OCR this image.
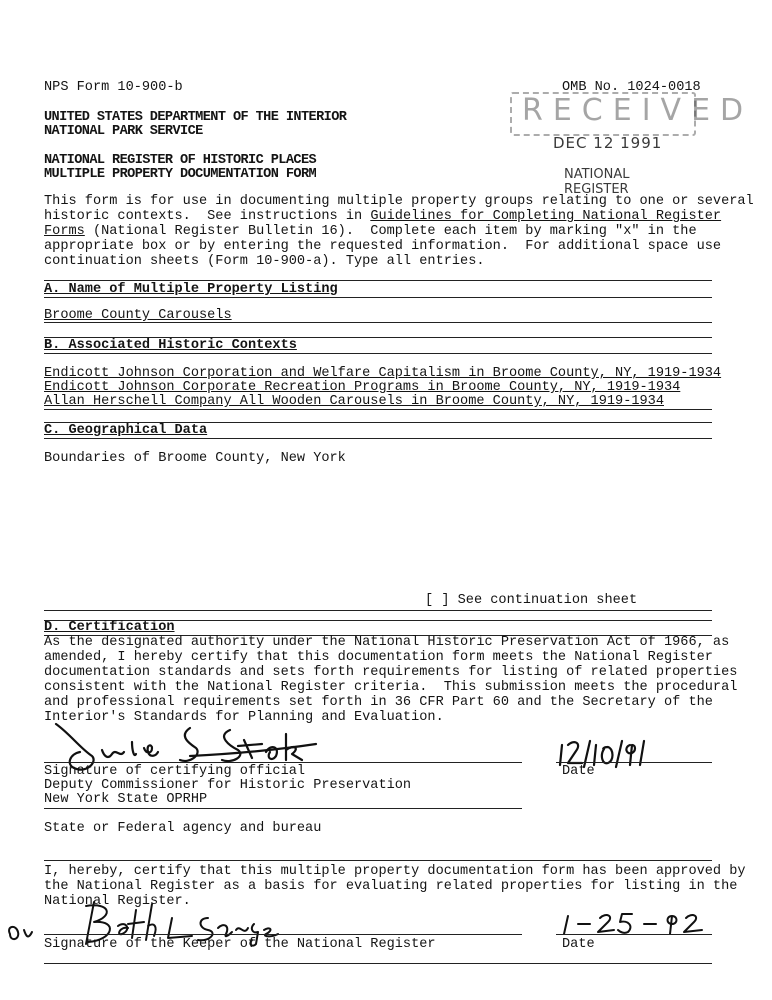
NPS Form 10-900-b	OMB No. 1024-0018
UNITED STATES DEPARTMENT OF THE INTERIOR
NATIONAL PARK SERVICE
NATIONAL REGISTER OF HISTORIC PLACES
MULTIPLE PROPERTY DOCUMENTATION FORM
RECEIVED
DEC 12 1991
NATIONAL
REGISTER
This form is for use in documenting multiple property groups relating to one or several
historic contexts.  See instructions in Guidelines for Completing National Register
Forms (National Register Bulletin 16).  Complete each item by marking "x" in the
appropriate box or by entering the requested information.  For additional space use
continuation sheets (Form 10-900-a). Type all entries.
A. Name of Multiple Property Listing
Broome County Carousels
B. Associated Historic Contexts
Endicott Johnson Corporation and Welfare Capitalism in Broome County, NY, 1919-1934
Endicott Johnson Corporate Recreation Programs in Broome County, NY, 1919-1934
Allan Herschell Company All Wooden Carousels in Broome County, NY, 1919-1934
C. Geographical Data
Boundaries of Broome County, New York
[ ] See continuation sheet
D. Certification
As the designated authority under the National Historic Preservation Act of 1966, as
amended, I hereby certify that this documentation form meets the National Register
documentation standards and sets forth requirements for listing of related properties
consistent with the National Register criteria.  This submission meets the procedural
and professional requirements set forth in 36 CFR Part 60 and the Secretary of the
Interior's Standards for Planning and Evaluation.
Signature of certifying official	Date
Deputy Commissioner for Historic Preservation
New York State OPRHP
State or Federal agency and bureau
I, hereby, certify that this multiple property documentation form has been approved by
the National Register as a basis for evaluating related properties for listing in the
National Register.
Signature of the Keeper of the National Register	Date
